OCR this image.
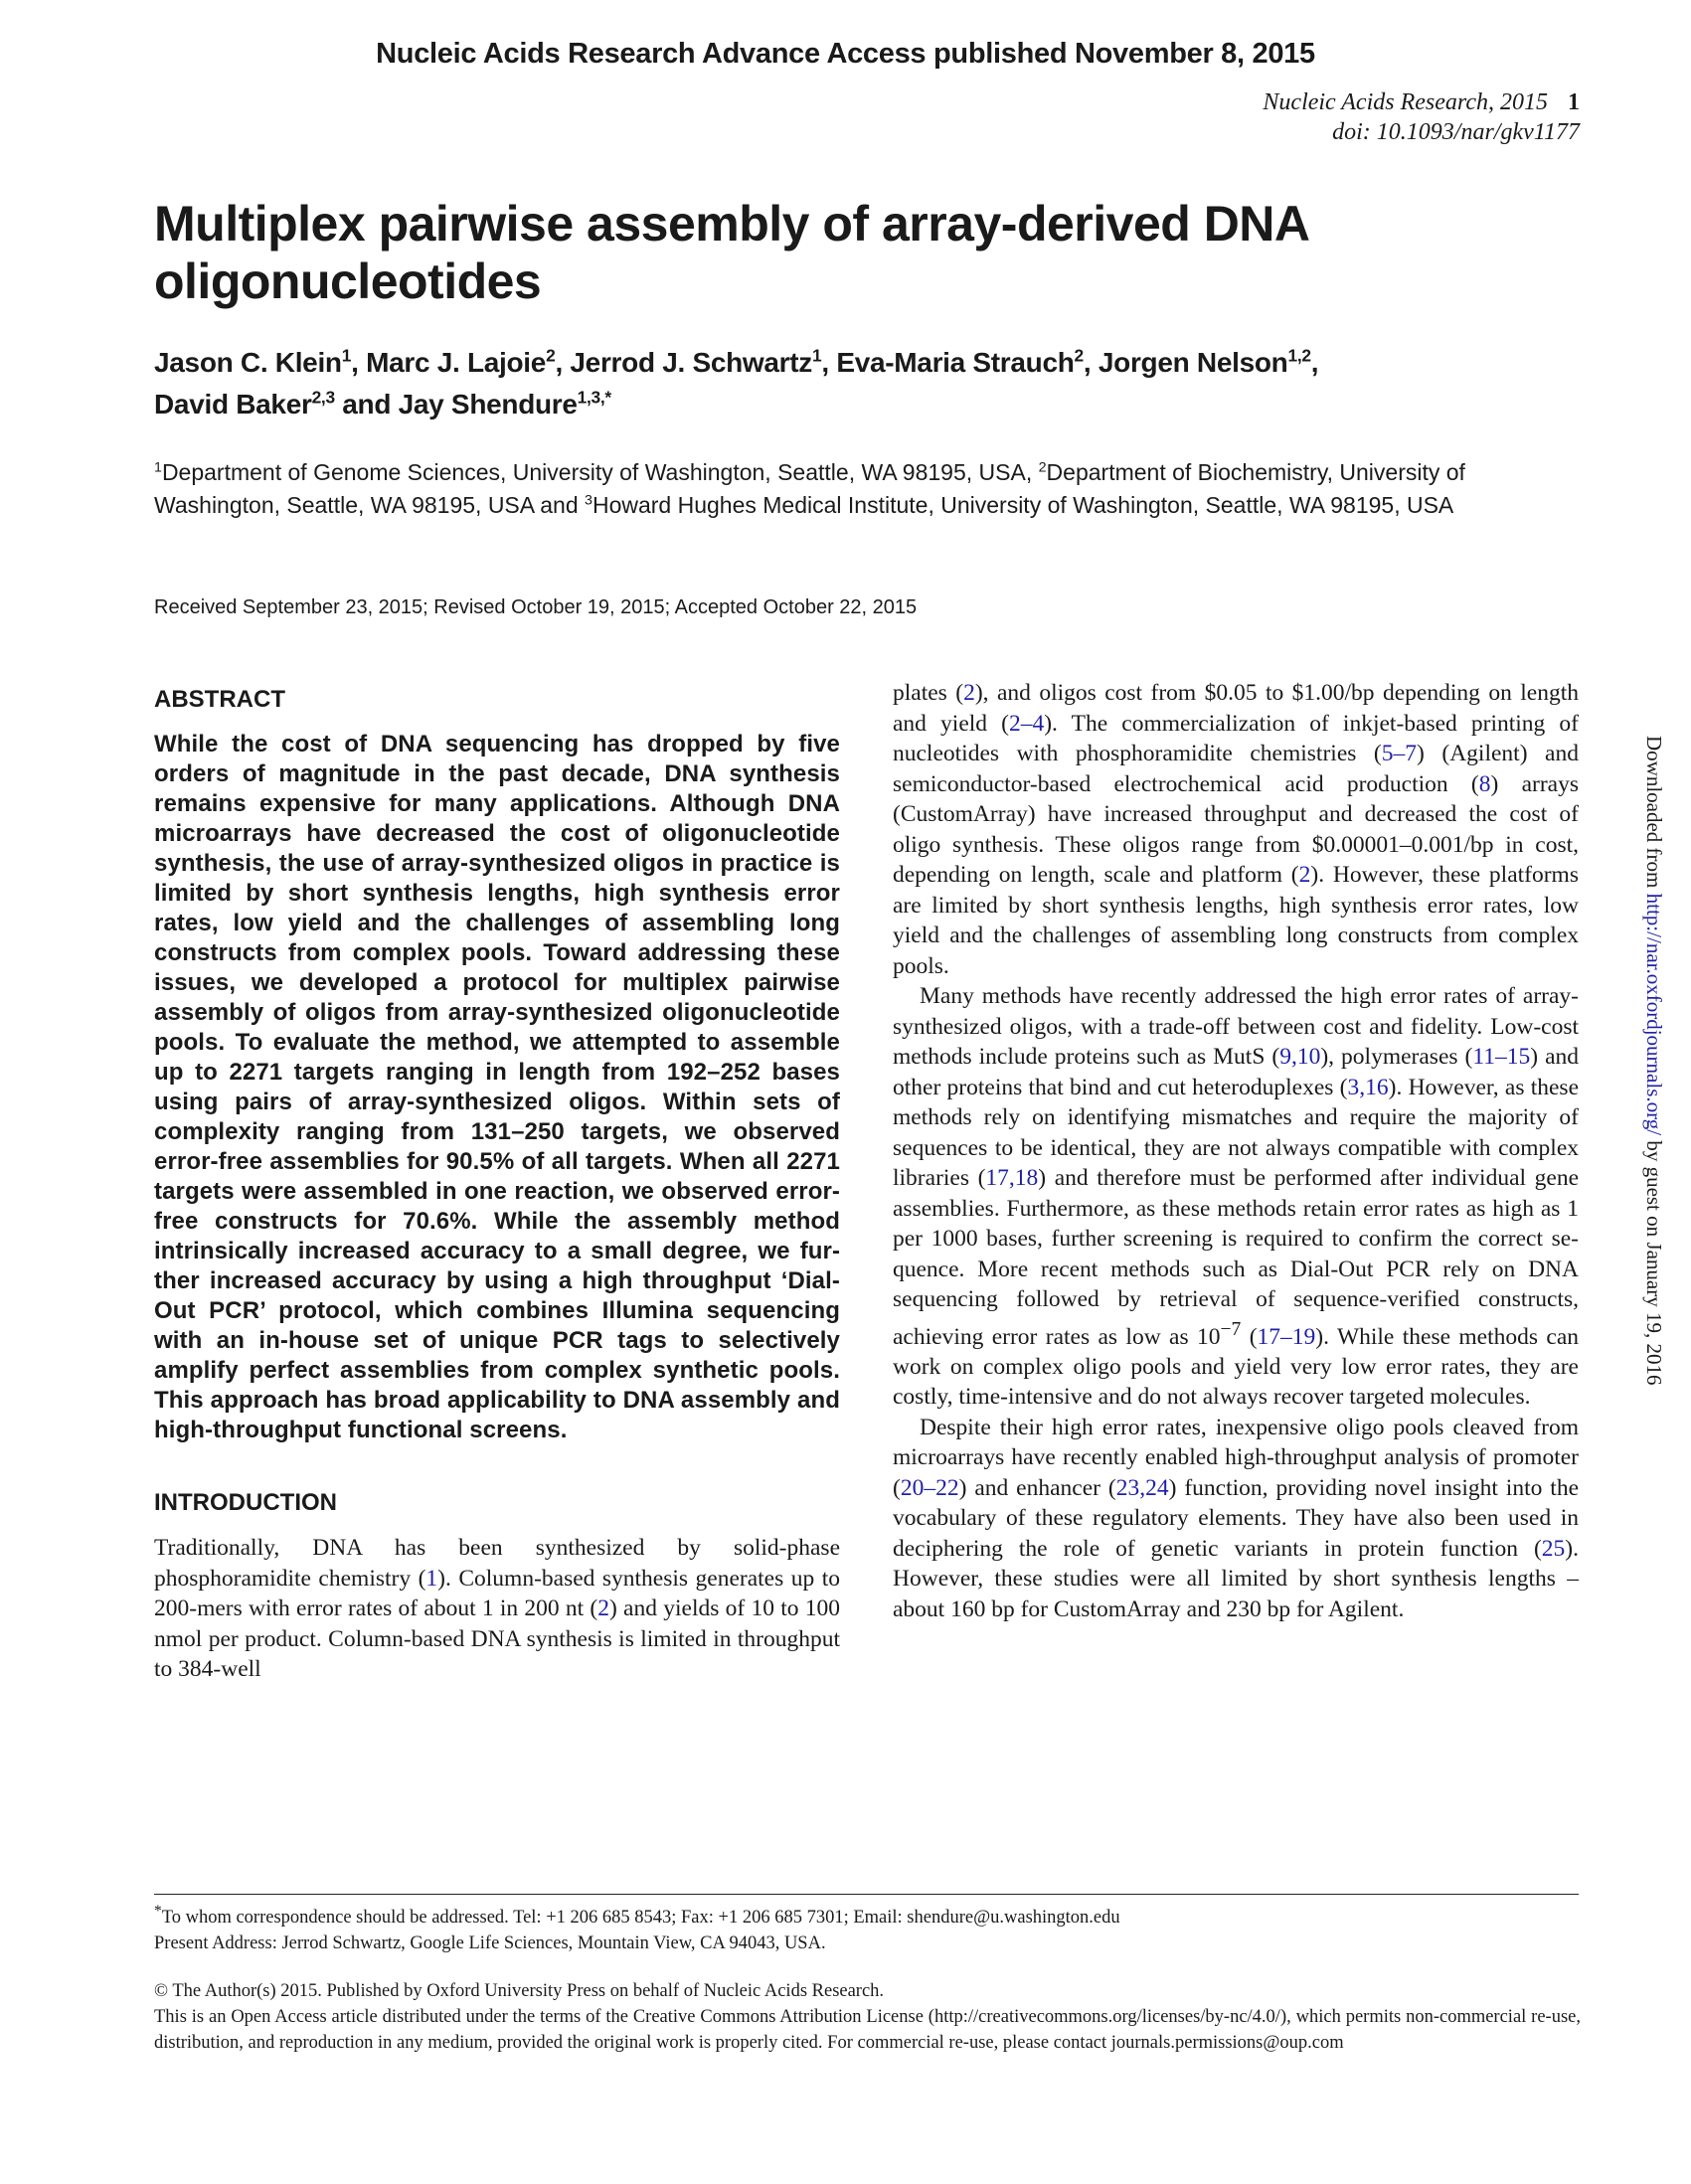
Nucleic Acids Research Advance Access published November 8, 2015
Nucleic Acids Research, 2015 1
doi: 10.1093/nar/gkv1177
Multiplex pairwise assembly of array-derived DNA
oligonucleotides
Jason C. Klein$^1$, Marc J. Lajoie$^2$, Jerrod J. Schwartz$^1$, Eva-Maria Strauch$^2$, Jorgen Nelson$^{1,2}$,
David Baker$^{2,3}$ and Jay Shendure$^{1,3,*}$
$^1$Department of Genome Sciences, University of Washington, Seattle, WA 98195, USA, $^2$Department of Biochemistry, University of Washington, Seattle, WA 98195, USA and $^3$Howard Hughes Medical Institute, University of Washington, Seattle, WA 98195, USA
Received September 23, 2015; Revised October 19, 2015; Accepted October 22, 2015
ABSTRACT

While the cost of DNA sequencing has dropped by five orders of magnitude in the past decade, DNA synthesis remains expensive for many applications. Although DNA microarrays have decreased the cost of oligonucleotide synthesis, the use of array-synthesized oligos in practice is limited by short synthesis lengths, high synthesis error rates, low yield and the challenges of assembling long constructs from complex pools. Toward addressing these issues, we developed a protocol for multiplex pairwise assembly of oligos from array-synthesized oligonucleotide pools. To evaluate the method, we attempted to assemble up to 2271 targets ranging in length from 192–252 bases using pairs of array-synthesized oligos. Within sets of complexity ranging from 131–250 targets, we observed error-free assemblies for 90.5% of all targets. When all 2271 targets were assembled in one reaction, we observed error-free constructs for 70.6%. While the assembly method intrinsically increased accuracy to a small degree, we further increased accuracy by using a high throughput ‘Dial-Out PCR’ protocol, which combines Illumina sequencing with an in-house set of unique PCR tags to selectively amplify perfect assemblies from complex synthetic pools. This approach has broad applicability to DNA assembly and high-throughput functional screens.

INTRODUCTION

Traditionally, DNA has been synthesized by solid-phase phosphoramidite chemistry (1). Column-based synthesis generates up to 200-mers with error rates of about 1 in 200 nt (2) and yields of 10 to 100 nmol per product. Column-based DNA synthesis is limited in throughput to 384-well

plates (2), and oligos cost from $0.05 to $1.00/bp depending on length and yield (2–4). The commercialization of inkjet-based printing of nucleotides with phosphoramidite chemistries (5–7) (Agilent) and semiconductor-based electrochemical acid production (8) arrays (CustomArray) have increased throughput and decreased the cost of oligo synthesis. These oligos range from $0.00001–0.001/bp in cost, depending on length, scale and platform (2). However, these platforms are limited by short synthesis lengths, high synthesis error rates, low yield and the challenges of assembling long constructs from complex pools.

Many methods have recently addressed the high error rates of array-synthesized oligos, with a trade-off between cost and fidelity. Low-cost methods include proteins such as MutS (9,10), polymerases (11–15) and other proteins that bind and cut heteroduplexes (3,16). However, as these methods rely on identifying mismatches and require the majority of sequences to be identical, they are not always compatible with complex libraries (17,18) and therefore must be performed after individual gene assemblies. Furthermore, as these methods retain error rates as high as 1 per 1000 bases, further screening is required to confirm the correct sequence. More recent methods such as Dial-Out PCR rely on DNA sequencing followed by retrieval of sequence-verified constructs, achieving error rates as low as $10^{-7}$ (17–19). While these methods can work on complex oligo pools and yield very low error rates, they are costly, time-intensive and do not always recover targeted molecules.

Despite their high error rates, inexpensive oligo pools cleaved from microarrays have recently enabled high-throughput analysis of promoter (20–22) and enhancer (23,24) function, providing novel insight into the vocabulary of these regulatory elements. They have also been used in deciphering the role of genetic variants in protein function (25). However, these studies were all limited by short synthesis lengths – about 160 bp for CustomArray and 230 bp for Agilent.

Downloaded from http://nar.oxfordjournals.org/ by guest on January 19, 2016

*To whom correspondence should be addressed. Tel: +1 206 685 8543; Fax: +1 206 685 7301; Email: shendure@u.washington.edu

Present Address: Jerrod Schwartz, Google Life Sciences, Mountain View, CA 94043, USA.

© The Author(s) 2015. Published by Oxford University Press on behalf of Nucleic Acids Research.

This is an Open Access article distributed under the terms of the Creative Commons Attribution License (http://creativecommons.org/licenses/by-nc/4.0/), which permits non-commercial re-use, distribution, and reproduction in any medium, provided the original work is properly cited. For commercial re-use, please contact journals.permissions@oup.com
